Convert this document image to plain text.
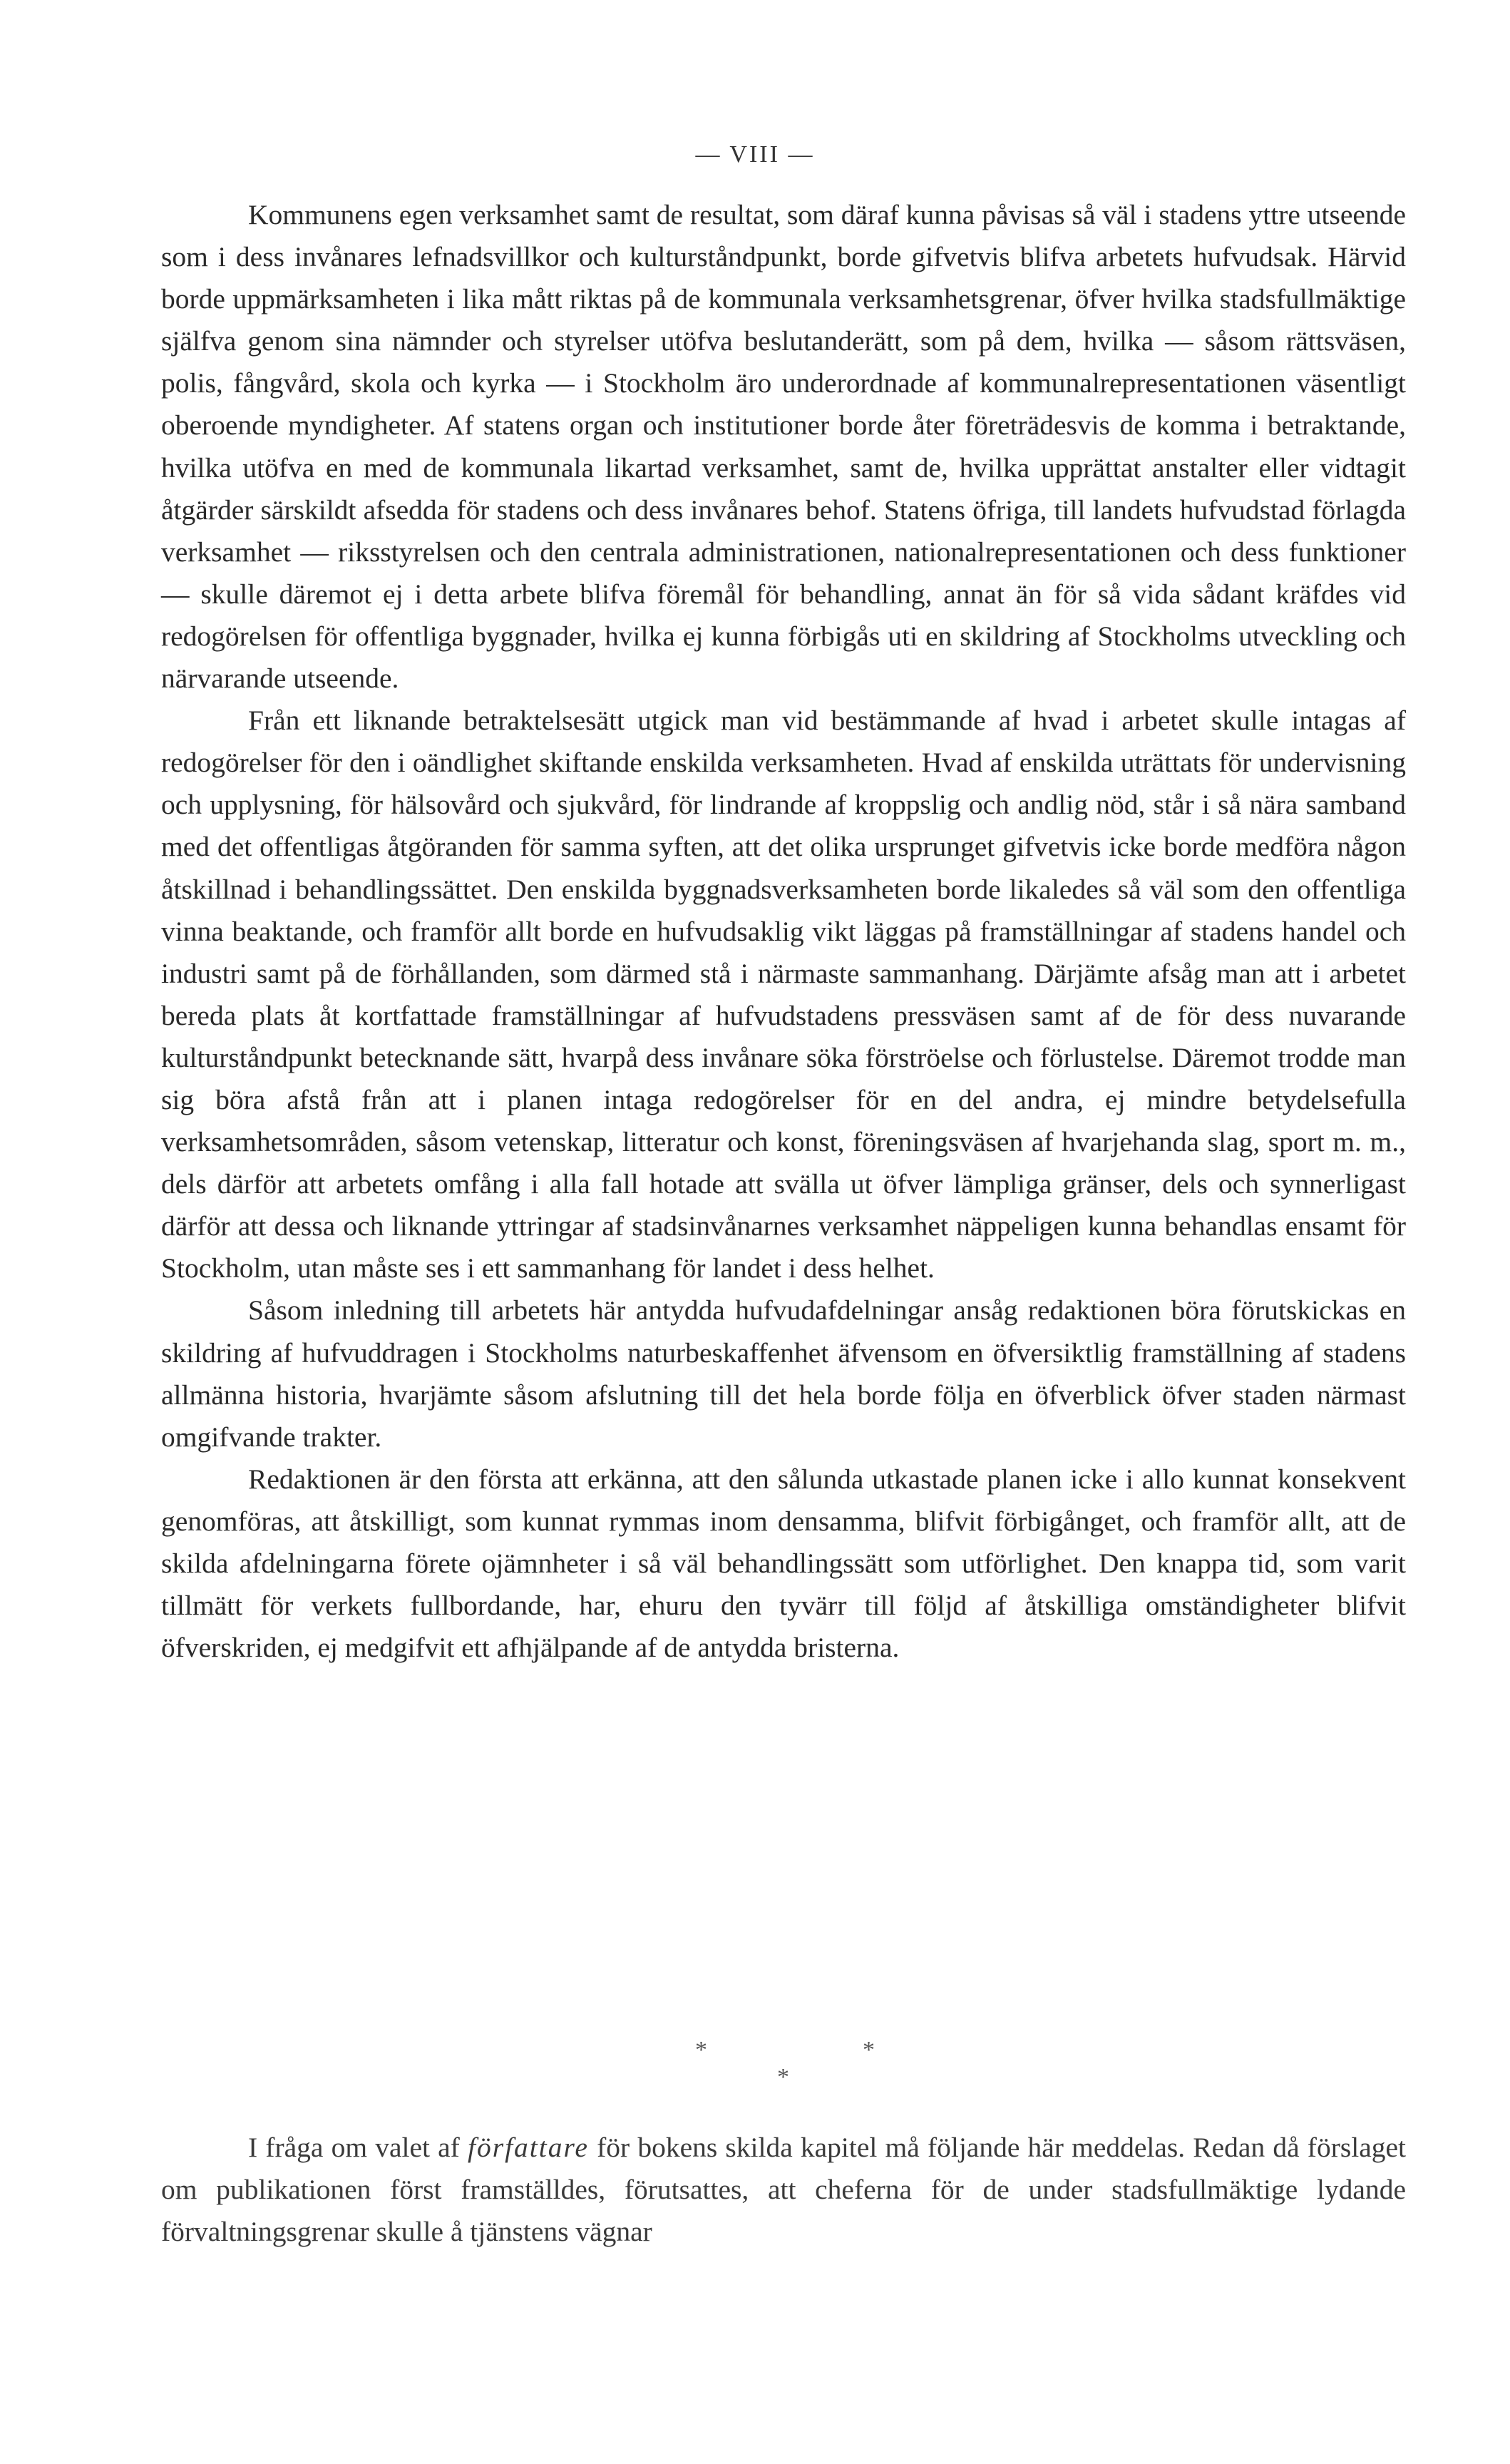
— VIII —

Kommunens egen verksamhet samt de resultat, som däraf kunna påvisas så väl i stadens yttre utseende som i dess invånares lefnadsvillkor och kulturståndpunkt, borde gifvetvis blifva arbetets hufvudsak. Härvid borde uppmärksamheten i lika mått riktas på de kommunala verksamhetsgrenar, öfver hvilka stadsfullmäktige själfva genom sina nämnder och styrelser utöfva beslutanderätt, som på dem, hvilka — såsom rättsväsen, polis, fångvård, skola och kyrka — i Stockholm äro underordnade af kommunalrepresentationen väsentligt oberoende myndigheter. Af statens organ och institutioner borde åter företrädesvis de komma i betraktande, hvilka utöfva en med de kommunala likartad verksamhet, samt de, hvilka upprättat anstalter eller vidtagit åtgärder särskildt afsedda för stadens och dess invånares behof. Statens öfriga, till landets hufvudstad förlagda verksamhet — riksstyrelsen och den centrala administrationen, nationalrepresentationen och dess funktioner — skulle däremot ej i detta arbete blifva föremål för behandling, annat än för så vida sådant kräfdes vid redogörelsen för offentliga byggnader, hvilka ej kunna förbigås uti en skildring af Stockholms utveckling och närvarande utseende.

Från ett liknande betraktelsesätt utgick man vid bestämmande af hvad i arbetet skulle intagas af redogörelser för den i oändlighet skiftande enskilda verksamheten. Hvad af enskilda uträttats för undervisning och upplysning, för hälsovård och sjukvård, för lindrande af kroppslig och andlig nöd, står i så nära samband med det offentligas åtgöranden för samma syften, att det olika ursprunget gifvetvis icke borde medföra någon åtskillnad i behandlingssättet. Den enskilda byggnadsverksamheten borde likaledes så väl som den offentliga vinna beaktande, och framför allt borde en hufvudsaklig vikt läggas på framställningar af stadens handel och industri samt på de förhållanden, som därmed stå i närmaste sammanhang. Därjämte afsåg man att i arbetet bereda plats åt kortfattade framställningar af hufvudstadens pressväsen samt af de för dess nuvarande kulturståndpunkt betecknande sätt, hvarpå dess invånare söka förströelse och förlustelse. Däremot trodde man sig böra afstå från att i planen intaga redogörelser för en del andra, ej mindre betydelsefulla verksamhetsområden, såsom vetenskap, litteratur och konst, föreningsväsen af hvarjehanda slag, sport m. m., dels därför att arbetets omfång i alla fall hotade att svälla ut öfver lämpliga gränser, dels och synnerligast därför att dessa och liknande yttringar af stadsinvånarnes verksamhet näppeligen kunna behandlas ensamt för Stockholm, utan måste ses i ett sammanhang för landet i dess helhet.

Såsom inledning till arbetets här antydda hufvudafdelningar ansåg redaktionen böra förutskickas en skildring af hufvuddragen i Stockholms naturbeskaffenhet äfvensom en öfversiktlig framställning af stadens allmänna historia, hvarjämte såsom afslutning till det hela borde följa en öfverblick öfver staden närmast omgifvande trakter.

Redaktionen är den första att erkänna, att den sålunda utkastade planen icke i allo kunnat konsekvent genomföras, att åtskilligt, som kunnat rymmas inom densamma, blifvit förbigånget, och framför allt, att de skilda afdelningarna förete ojämnheter i så väl behandlingssätt som utförlighet. Den knappa tid, som varit tillmätt för verkets fullbordande, har, ehuru den tyvärr till följd af åtskilliga omständigheter blifvit öfverskriden, ej medgifvit ett afhjälpande af de antydda bristerna.

*	*
*

I fråga om valet af författare för bokens skilda kapitel må följande här meddelas. Redan då förslaget om publikationen först framställdes, förutsattes, att cheferna för de under stadsfullmäktige lydande förvaltningsgrenar skulle å tjänstens vägnar
